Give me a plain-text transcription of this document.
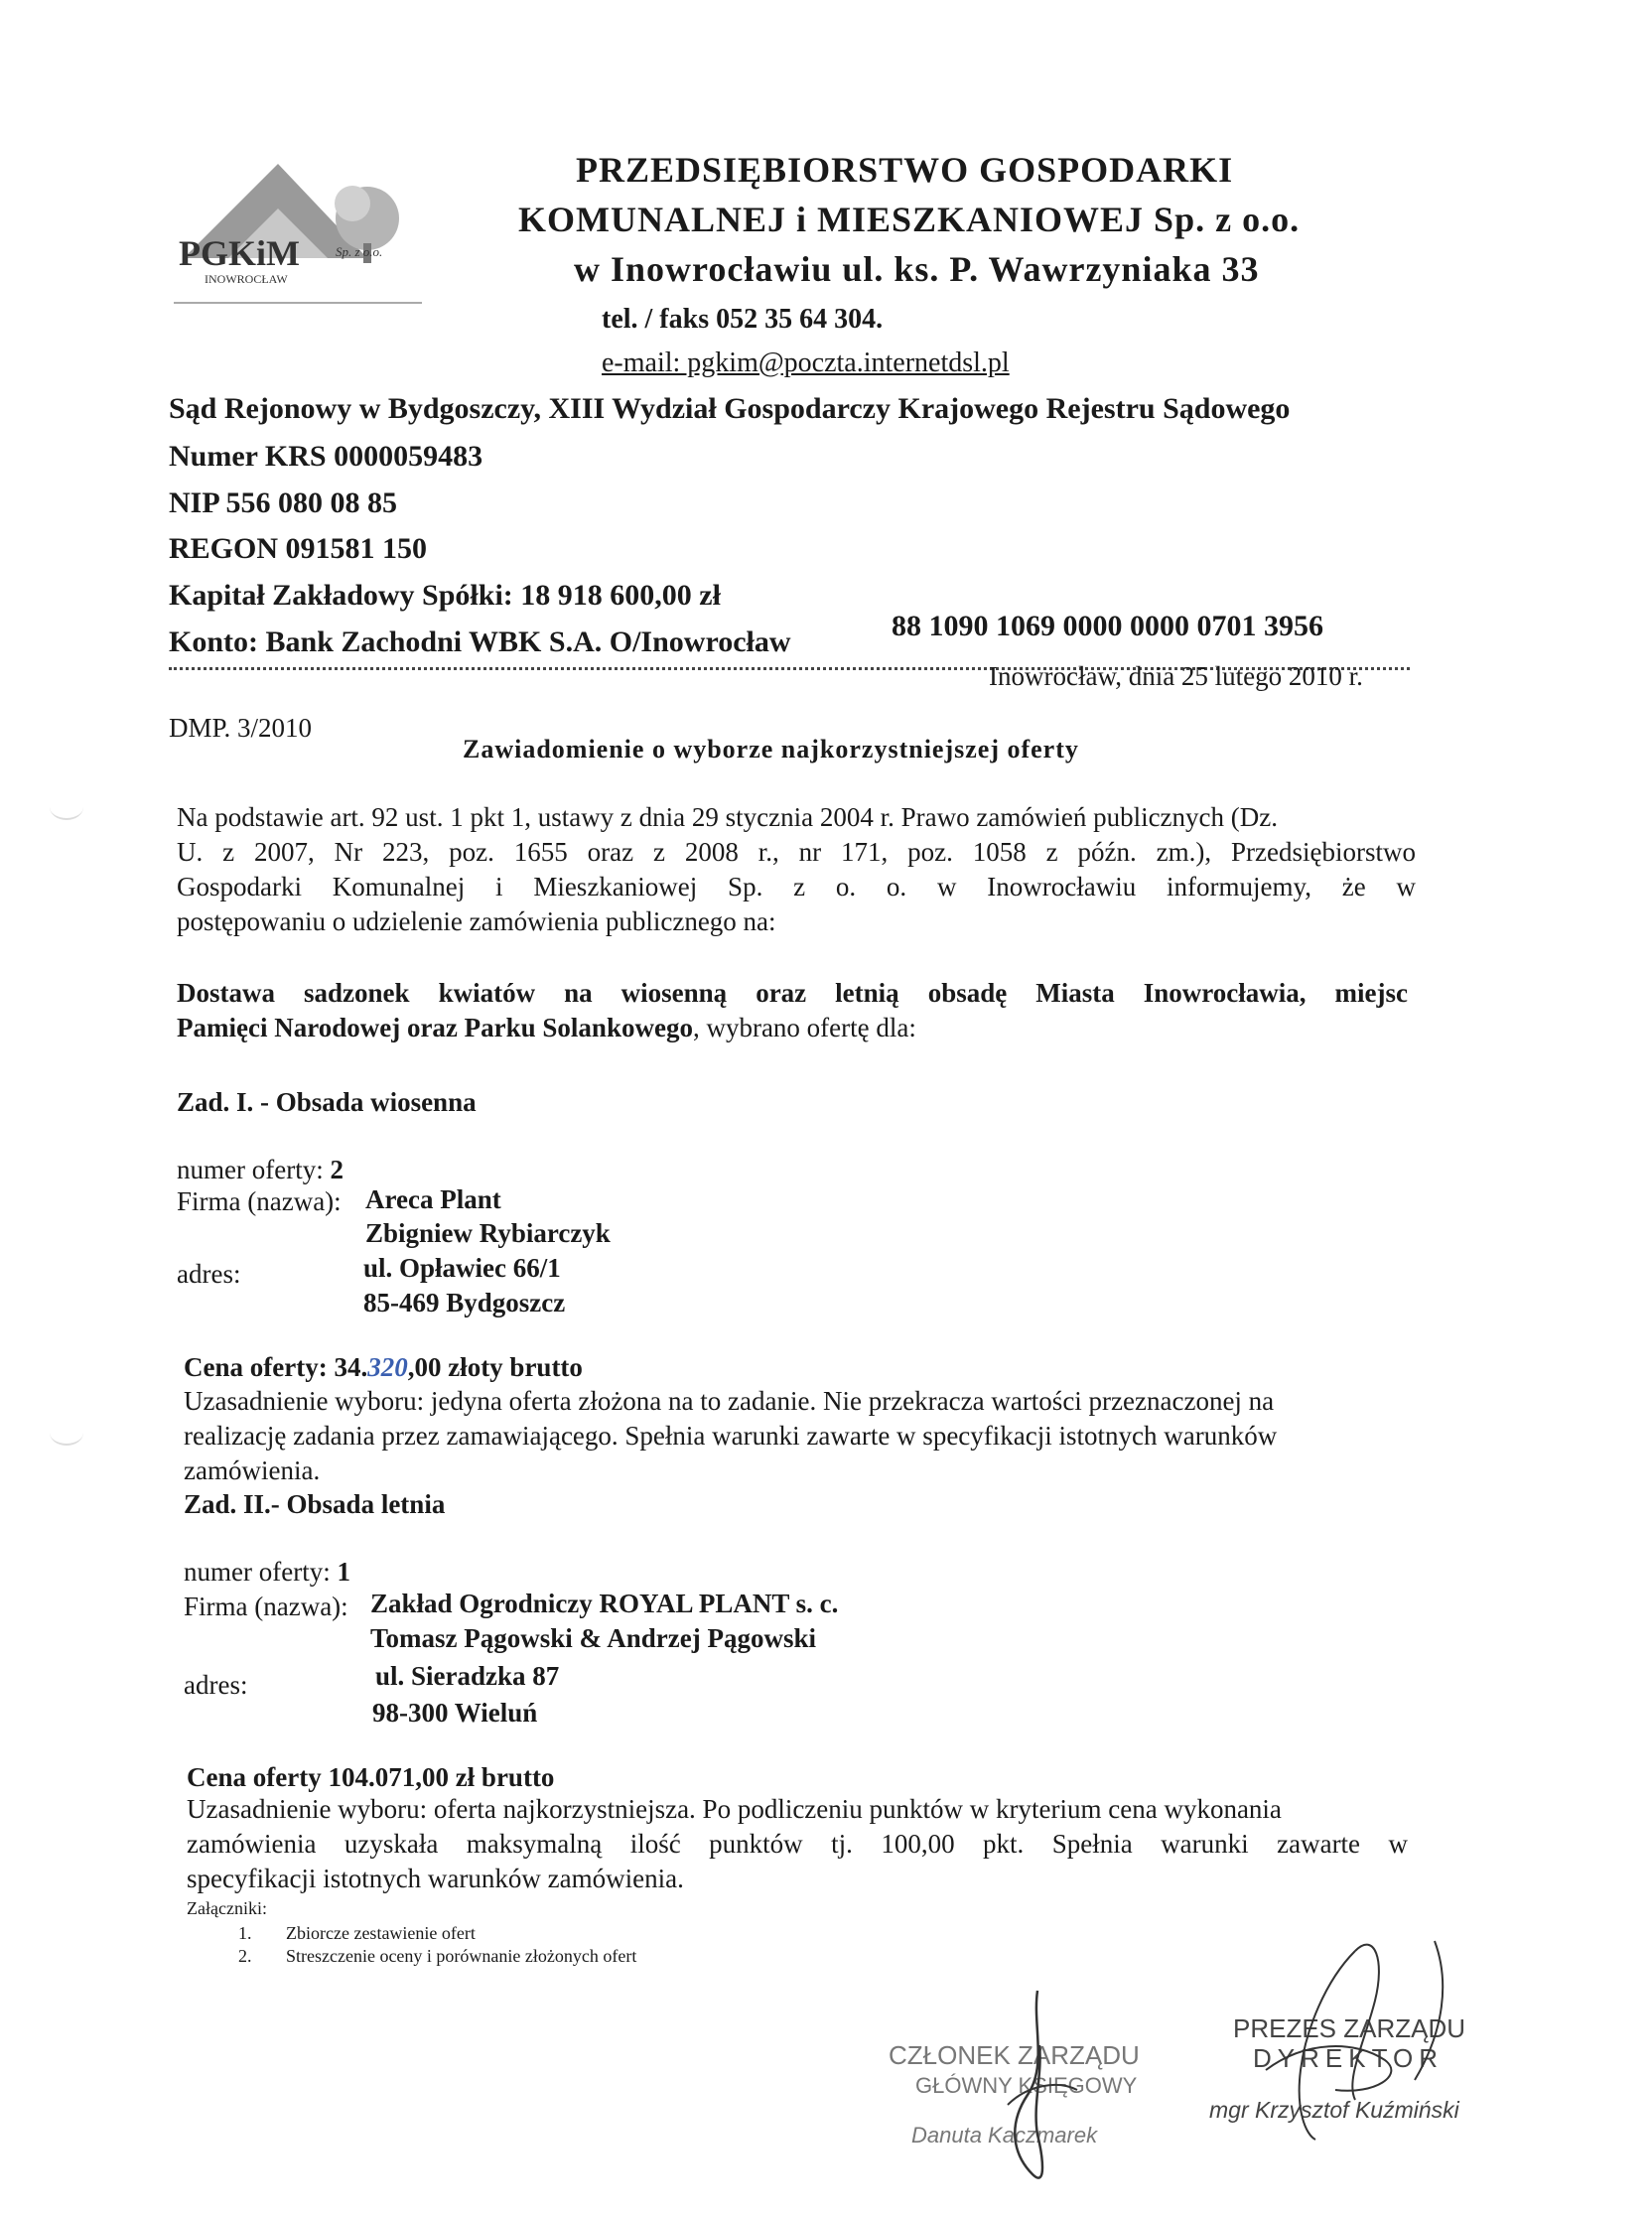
PGKiM	Sp. z o.o.
INOWROCŁAW
PRZEDSIĘBIORSTWO GOSPODARKI
KOMUNALNEJ i MIESZKANIOWEJ Sp. z o.o.
w Inowrocławiu ul. ks. P. Wawrzyniaka 33
tel. / faks 052 35 64 304.
e-mail: pgkim@poczta.internetdsl.pl
Sąd Rejonowy w Bydgoszczy, XIII Wydział Gospodarczy Krajowego Rejestru Sądowego
Numer KRS 0000059483
NIP 556 080 08 85
REGON 091581 150
Kapitał Zakładowy Spółki: 18 918 600,00 zł
Konto: Bank Zachodni WBK S.A. O/Inowrocław	88 1090 1069 0000 0000 0701 3956
Inowrocław, dnia 25 lutego 2010 r.
DMP. 3/2010
Zawiadomienie o wyborze najkorzystniejszej oferty
Na podstawie art. 92 ust. 1 pkt 1, ustawy z dnia 29 stycznia 2004 r. Prawo zamówień publicznych (Dz.
U. z 2007, Nr 223, poz. 1655 oraz z 2008 r., nr 171, poz. 1058 z późn. zm.), Przedsiębiorstwo
Gospodarki Komunalnej i Mieszkaniowej Sp. z o. o. w Inowrocławiu informujemy, że w
postępowaniu o udzielenie zamówienia publicznego na:
Dostawa sadzonek kwiatów na wiosenną oraz letnią obsadę Miasta Inowrocławia, miejsc
Pamięci Narodowej oraz Parku Solankowego, wybrano ofertę dla:
Zad. I. - Obsada wiosenna
numer oferty: 2
Firma (nazwa): Areca Plant
Zbigniew Rybiarczyk
adres:	ul. Opławiec 66/1
85-469 Bydgoszcz
Cena oferty: 34.320,00 złoty brutto
Uzasadnienie wyboru: jedyna oferta złożona na to zadanie. Nie przekracza wartości przeznaczonej na
realizację zadania przez zamawiającego. Spełnia warunki zawarte w specyfikacji istotnych warunków
zamówienia.
Zad. II.- Obsada letnia
numer oferty: 1
Firma (nazwa): Zakład Ogrodniczy ROYAL PLANT s. c.
Tomasz Pągowski & Andrzej Pągowski
adres:	ul. Sieradzka 87
98-300 Wieluń
Cena oferty 104.071,00 zł brutto
Uzasadnienie wyboru: oferta najkorzystniejsza. Po podliczeniu punktów w kryterium cena wykonania
zamówienia uzyskała maksymalną ilość punktów tj. 100,00 pkt. Spełnia warunki zawarte w
specyfikacji istotnych warunków zamówienia.
Załączniki:
1. Zbiorcze zestawienie ofert
2. Streszczenie oceny i porównanie złożonych ofert
CZŁONEK ZARZĄDU
GŁÓWNY KSIĘGOWY
Danuta Kaczmarek
PREZES ZARZĄDU
DYREKTOR
mgr Krzysztof Kuźmiński
